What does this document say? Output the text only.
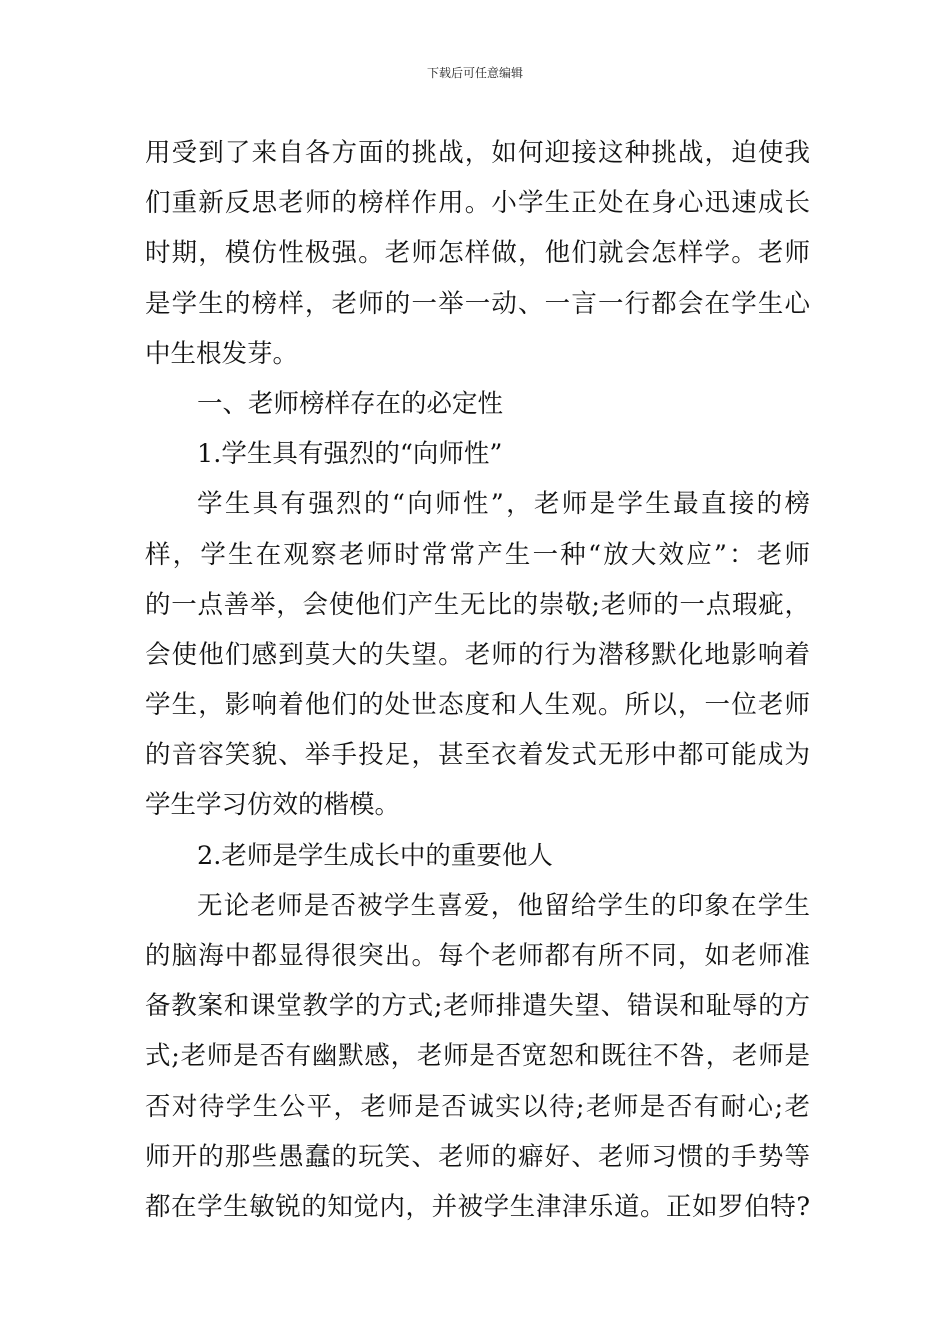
下载后可任意编辑
用受到了来自各方面的挑战，如何迎接这种挑战，迫使我
们重新反思老师的榜样作用。小学生正处在身心迅速成长
时期，模仿性极强。老师怎样做，他们就会怎样学。老师
是学生的榜样，老师的一举一动、一言一行都会在学生心
中生根发芽。
一、老师榜样存在的必定性
1.学生具有强烈的“向师性”
学生具有强烈的“向师性”，老师是学生最直接的榜
样，学生在观察老师时常常产生一种“放大效应”：老师
的一点善举，会使他们产生无比的崇敬;老师的一点瑕疵，
会使他们感到莫大的失望。老师的行为潜移默化地影响着
学生，影响着他们的处世态度和人生观。所以，一位老师
的音容笑貌、举手投足，甚至衣着发式无形中都可能成为
学生学习仿效的楷模。
2.老师是学生成长中的重要他人
无论老师是否被学生喜爱，他留给学生的印象在学生
的脑海中都显得很突出。每个老师都有所不同，如老师准
备教案和课堂教学的方式;老师排遣失望、错误和耻辱的方
式;老师是否有幽默感，老师是否宽恕和既往不咎，老师是
否对待学生公平，老师是否诚实以待;老师是否有耐心;老
师开的那些愚蠢的玩笑、老师的癖好、老师习惯的手势等
都在学生敏锐的知觉内，并被学生津津乐道。正如罗伯特?
